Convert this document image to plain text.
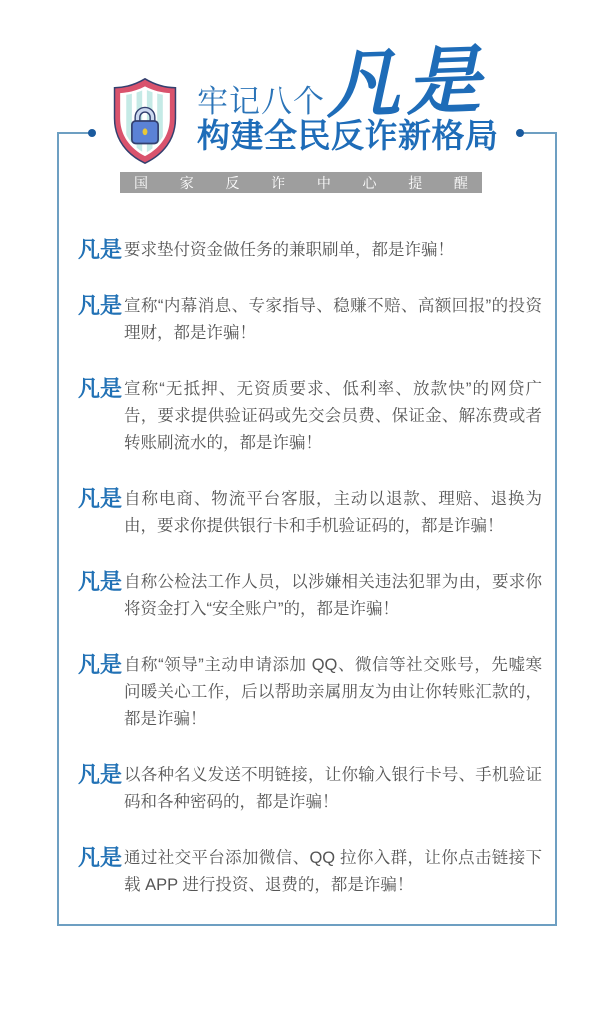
牢记八个 凡是
构建全民反诈新格局
国 家 反 诈 中 心 提 醒
凡是 要求垫付资金做任务的兼职刷单，都是诈骗！

凡是 宣称“内幕消息、专家指导、稳赚不赔、高额回报”的投资理财，都是诈骗！

凡是 宣称“无抵押、无资质要求、低利率、放款快”的网贷广告，要求提供验证码或先交会员费、保证金、解冻费或者转账刷流水的，都是诈骗！

凡是 自称电商、物流平台客服，主动以退款、理赔、退换为由，要求你提供银行卡和手机验证码的，都是诈骗！

凡是 自称公检法工作人员，以涉嫌相关违法犯罪为由，要求你将资金打入“安全账户”的，都是诈骗！

凡是 自称“领导”主动申请添加 QQ、微信等社交账号，先嘘寒问暖关心工作，后以帮助亲属朋友为由让你转账汇款的，都是诈骗！

凡是 以各种名义发送不明链接，让你输入银行卡号、手机验证码和各种密码的，都是诈骗！

凡是 通过社交平台添加微信、QQ 拉你入群，让你点击链接下载 APP 进行投资、退费的，都是诈骗！
